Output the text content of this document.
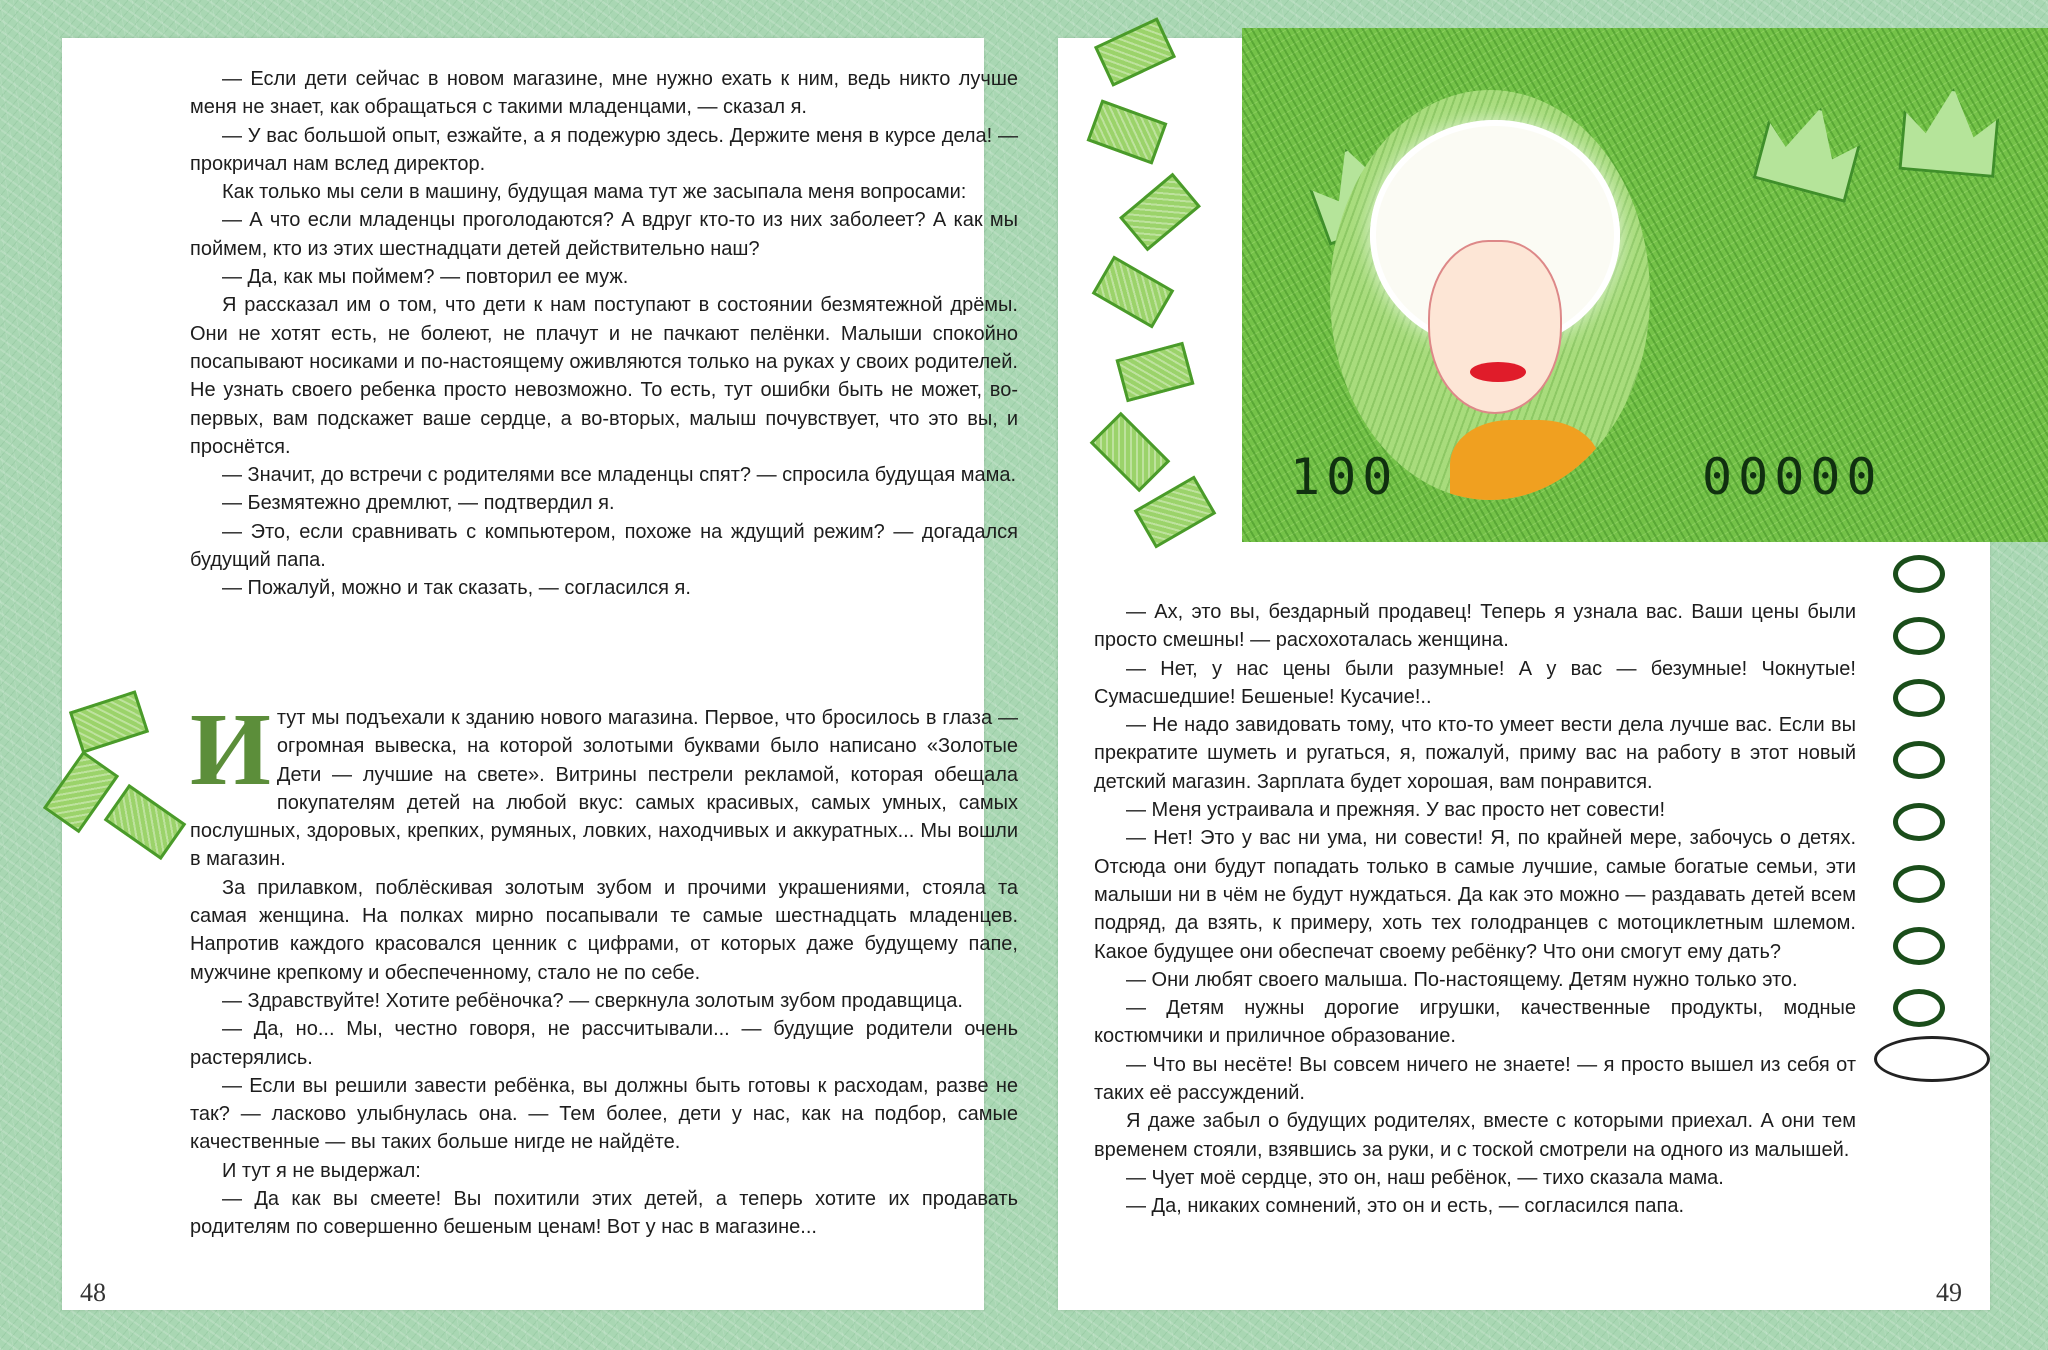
— Если дети сейчас в новом магазине, мне нужно ехать к ним, ведь никто лучше меня не знает, как обращаться с такими младенцами, — сказал я.

— У вас большой опыт, езжайте, а я подежурю здесь. Держите меня в курсе дела! — прокричал нам вслед директор.

Как только мы сели в машину, будущая мама тут же засыпала меня вопросами:

— А что если младенцы проголодаются? А вдруг кто-то из них заболеет? А как мы поймем, кто из этих шестнадцати детей действительно наш?

— Да, как мы поймем? — повторил ее муж.

Я рассказал им о том, что дети к нам поступают в состоянии безмятежной дрёмы. Они не хотят есть, не болеют, не плачут и не пачкают пелёнки. Малыши спокойно посапывают носиками и по-настоящему оживляются только на руках у своих родителей. Не узнать своего ребенка просто невозможно. То есть, тут ошибки быть не может, во-первых, вам подскажет ваше сердце, а во-вторых, малыш почувствует, что это вы, и проснётся.

— Значит, до встречи с родителями все младенцы спят? — спросила будущая мама.

— Безмятежно дремлют, — подтвердил я.

— Это, если сравнивать с компьютером, похоже на ждущий режим? — догадался будущий папа.

— Пожалуй, можно и так сказать, — согласился я.

Итут мы подъехали к зданию нового магазина. Первое, что бросилось в глаза — огромная вывеска, на которой золотыми буквами было написано «Золотые Дети — лучшие на свете». Витрины пестрели рекламой, которая обещала покупателям детей на любой вкус: самых красивых, самых умных, самых послушных, здоровых, крепких, румяных, ловких, находчивых и аккуратных... Мы вошли в магазин.

За прилавком, поблёскивая золотым зубом и прочими украшениями, стояла та самая женщина. На полках мирно посапывали те самые шестнадцать младенцев. Напротив каждого красовался ценник с цифрами, от которых даже будущему папе, мужчине крепкому и обеспеченному, стало не по себе.

— Здравствуйте! Хотите ребёночка? — сверкнула золотым зубом продавщица.

— Да, но... Мы, честно говоря, не рассчитывали... — будущие родители очень растерялись.

— Если вы решили завести ребёнка, вы должны быть готовы к расходам, разве не так? — ласково улыбнулась она. — Тем более, дети у нас, как на подбор, самые качественные — вы таких больше нигде не найдёте.

И тут я не выдержал:

— Да как вы смеете! Вы похитили этих детей, а теперь хотите их продавать родителям по совершенно бешеным ценам! Вот у нас в магазине...

48

— Ах, это вы, бездарный продавец! Теперь я узнала вас. Ваши цены были просто смешны! — расхохоталась женщина.

— Нет, у нас цены были разумные! А у вас — безумные! Чокнутые! Сумасшедшие! Бешеные! Кусачие!..

— Не надо завидовать тому, что кто-то умеет вести дела лучше вас. Если вы прекратите шуметь и ругаться, я, пожалуй, приму вас на работу в этот новый детский магазин. Зарплата будет хорошая, вам понравится.

— Меня устраивала и прежняя. У вас просто нет совести!

— Нет! Это у вас ни ума, ни совести! Я, по крайней мере, забочусь о детях. Отсюда они будут попадать только в самые лучшие, самые богатые семьи, эти малыши ни в чём не будут нуждаться. Да как это можно — раздавать детей всем подряд, да взять, к примеру, хоть тех голодранцев с мотоциклетным шлемом. Какое будущее они обеспечат своему ребёнку? Что они смогут ему дать?

— Они любят своего малыша. По-настоящему. Детям нужно только это.

— Детям нужны дорогие игрушки, качественные продукты, модные костюмчики и приличное образование.

— Что вы несёте! Вы совсем ничего не знаете! — я просто вышел из себя от таких её рассуждений.

Я даже забыл о будущих родителях, вместе с которыми приехал. А они тем временем стояли, взявшись за руки, и с тоской смотрели на одного из малышей.

— Чует моё сердце, это он, наш ребёнок, — тихо сказала мама.

— Да, никаких сомнений, это он и есть, — согласился папа.

49
100	00000
